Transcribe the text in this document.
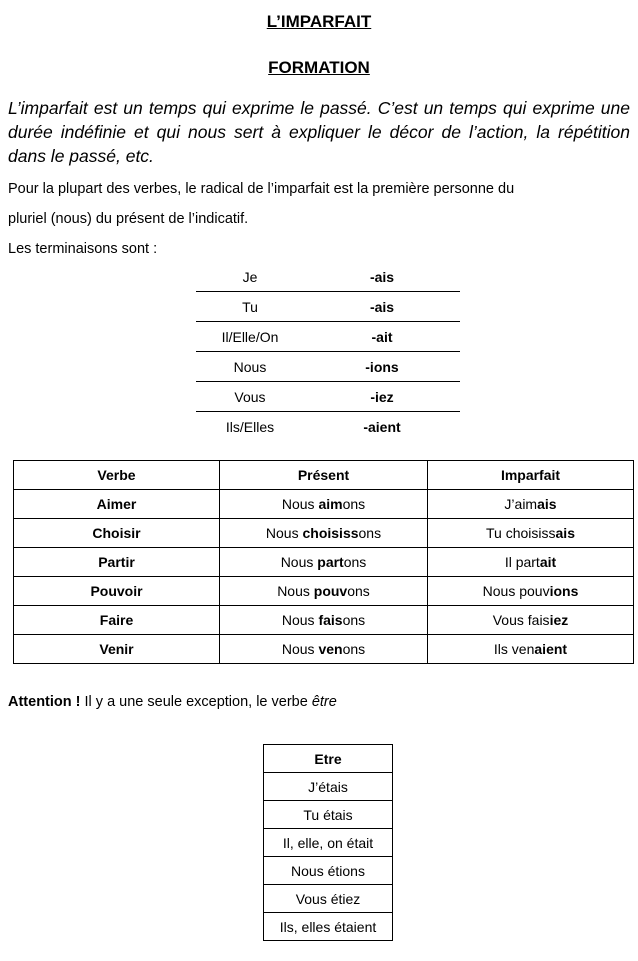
L’IMPARFAIT
FORMATION
L’imparfait est un temps qui exprime le passé. C’est un temps qui exprime une durée indéfinie et qui nous sert à expliquer le décor de l’action, la répétition dans le passé, etc.
Pour la plupart des verbes, le radical de l’imparfait est la première personne du
pluriel (nous) du présent de l’indicatif.
Les terminaisons sont :
Je	-ais
Tu	-ais
Il/Elle/On	-ait
Nous	-ions
Vous	-iez
Ils/Elles	-aient
Verbe	Présent	Imparfait
Aimer	Nous aimons	J’aimais
Choisir	Nous choisissons	Tu choisissais
Partir	Nous partons	Il partait
Pouvoir	Nous pouvons	Nous pouvions
Faire	Nous faisons	Vous faisiez
Venir	Nous venons	Ils venaient
Attention ! Il y a une seule exception, le verbe être
Etre
J’étais
Tu étais
Il, elle, on était
Nous étions
Vous étiez
Ils, elles étaient
